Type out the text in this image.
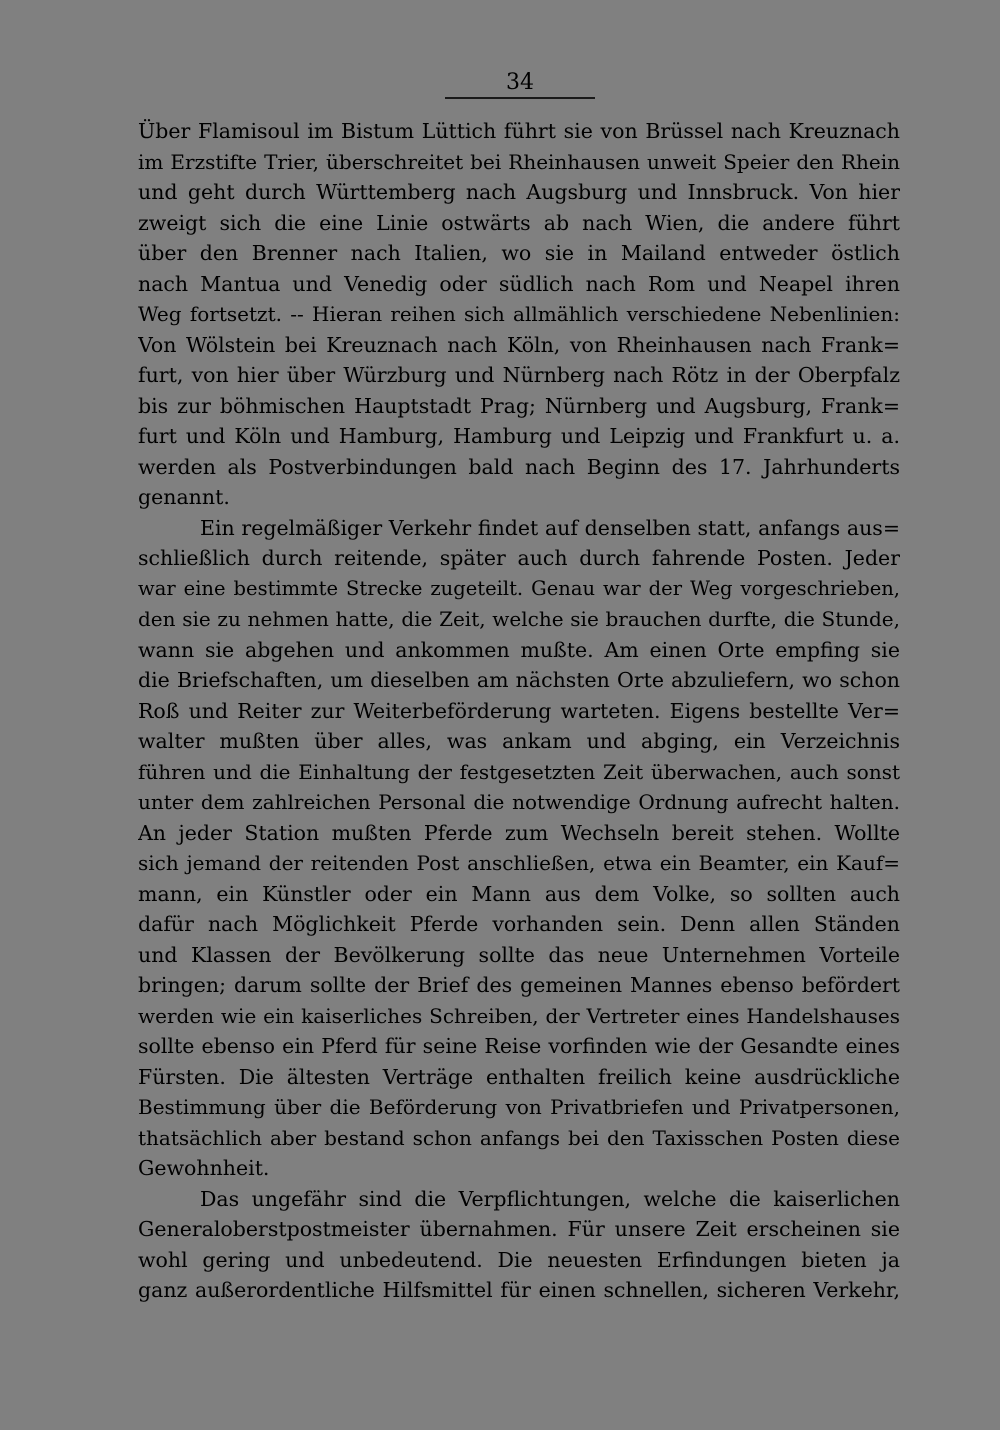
34
Über Flamisoul im Bistum Lüttich führt sie von Brüssel nach Kreuznach
im Erzstifte Trier, überschreitet bei Rheinhausen unweit Speier den Rhein
und geht durch Württemberg nach Augsburg und Innsbruck. Von hier
zweigt sich die eine Linie ostwärts ab nach Wien, die andere führt
über den Brenner nach Italien, wo sie in Mailand entweder östlich
nach Mantua und Venedig oder südlich nach Rom und Neapel ihren
Weg fortsetzt. -- Hieran reihen sich allmählich verschiedene Nebenlinien:
Von Wölstein bei Kreuznach nach Köln, von Rheinhausen nach Frank=
furt, von hier über Würzburg und Nürnberg nach Rötz in der Oberpfalz
bis zur böhmischen Hauptstadt Prag; Nürnberg und Augsburg, Frank=
furt und Köln und Hamburg, Hamburg und Leipzig und Frankfurt u. a.
werden als Postverbindungen bald nach Beginn des 17. Jahrhunderts
genannt.
Ein regelmäßiger Verkehr findet auf denselben statt, anfangs aus=
schließlich durch reitende, später auch durch fahrende Posten. Jeder
war eine bestimmte Strecke zugeteilt. Genau war der Weg vorgeschrieben,
den sie zu nehmen hatte, die Zeit, welche sie brauchen durfte, die Stunde,
wann sie abgehen und ankommen mußte. Am einen Orte empfing sie
die Briefschaften, um dieselben am nächsten Orte abzuliefern, wo schon
Roß und Reiter zur Weiterbeförderung warteten. Eigens bestellte Ver=
walter mußten über alles, was ankam und abging, ein Verzeichnis
führen und die Einhaltung der festgesetzten Zeit überwachen, auch sonst
unter dem zahlreichen Personal die notwendige Ordnung aufrecht halten.
An jeder Station mußten Pferde zum Wechseln bereit stehen. Wollte
sich jemand der reitenden Post anschließen, etwa ein Beamter, ein Kauf=
mann, ein Künstler oder ein Mann aus dem Volke, so sollten auch
dafür nach Möglichkeit Pferde vorhanden sein. Denn allen Ständen
und Klassen der Bevölkerung sollte das neue Unternehmen Vorteile
bringen; darum sollte der Brief des gemeinen Mannes ebenso befördert
werden wie ein kaiserliches Schreiben, der Vertreter eines Handelshauses
sollte ebenso ein Pferd für seine Reise vorfinden wie der Gesandte eines
Fürsten. Die ältesten Verträge enthalten freilich keine ausdrückliche
Bestimmung über die Beförderung von Privatbriefen und Privatpersonen,
thatsächlich aber bestand schon anfangs bei den Taxisschen Posten diese
Gewohnheit.
Das ungefähr sind die Verpflichtungen, welche die kaiserlichen
Generaloberstpostmeister übernahmen. Für unsere Zeit erscheinen sie
wohl gering und unbedeutend. Die neuesten Erfindungen bieten ja
ganz außerordentliche Hilfsmittel für einen schnellen, sicheren Verkehr,
